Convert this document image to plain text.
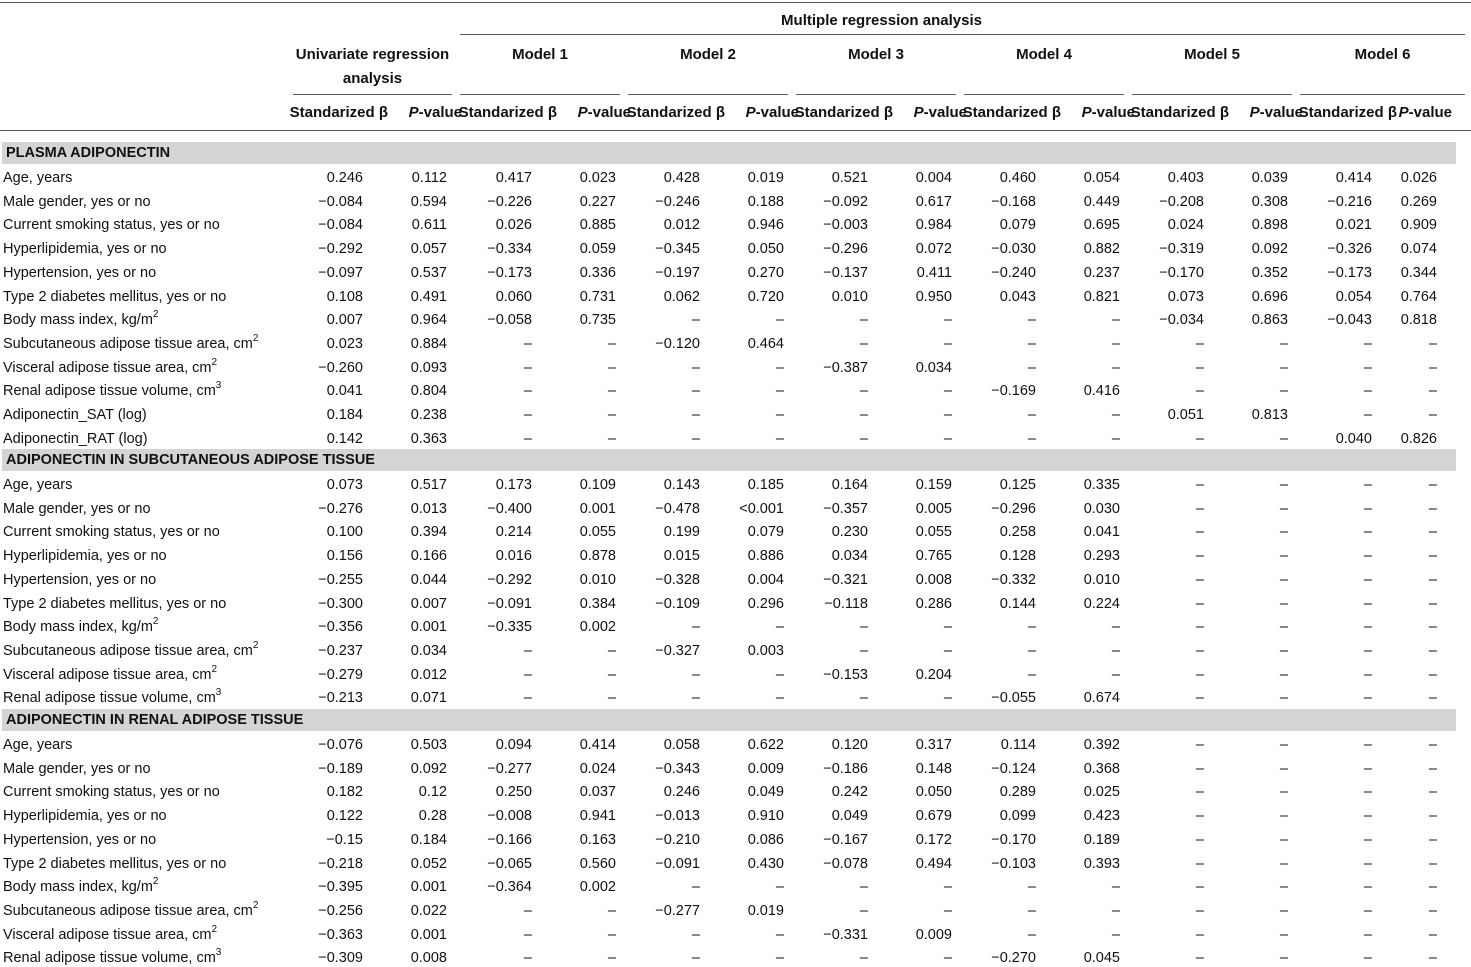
Multiple regression analysis
Univariate regression
analysis
Model 1	Model 2	Model 3	Model 4	Model 5	Model 6
Standarized β P-value
Standarized β P-value
Standarized β P-value
Standarized β P-value
Standarized β P-value
Standarized β P-value
Standarized β P-value
PLASMA ADIPONECTIN
Age, years	0.246	0.112	0.417	0.023	0.428	0.019	0.521	0.004	0.460	0.054	0.403	0.039	0.414 0.026
Male gender, yes or no	−0.084	0.594	−0.226	0.227	−0.246	0.188	−0.092	0.617	−0.168	0.449	−0.208	0.308	−0.216 0.269
Current smoking status, yes or no	−0.084	0.611	0.026	0.885	0.012	0.946	−0.003	0.984	0.079	0.695	0.024	0.898	0.021 0.909
Hyperlipidemia, yes or no	−0.292	0.057	−0.334	0.059	−0.345	0.050	−0.296	0.072	−0.030	0.882	−0.319	0.092	−0.326 0.074
Hypertension, yes or no	−0.097	0.537	−0.173	0.336	−0.197	0.270	−0.137	0.411	−0.240	0.237	−0.170	0.352	−0.173 0.344
Type 2 diabetes mellitus, yes or no	0.108	0.491	0.060	0.731	0.062	0.720	0.010	0.950	0.043	0.821	0.073	0.696	0.054 0.764
Body mass index, $kg/m^2$	0.007	0.964	−0.058	0.735	–	–	–	–	–	–	−0.034	0.863	−0.043 0.818
Subcutaneous adipose tissue area, $cm^2$	0.023	0.884	–	–	−0.120	0.464	–	–	–	–	–	–	–	–
Visceral adipose tissue area, $cm^2$	−0.260	0.093	–	–	–	–	−0.387	0.034	–	–	–	–	–	–
Renal adipose tissue volume, $cm^3$	0.041	0.804	–	–	–	–	–	–	−0.169	0.416	–	–	–	–
Adiponectin_SAT (log)	0.184	0.238	–	–	–	–	–	–	–	–	0.051	0.813	–	–
Adiponectin_RAT (log)	0.142	0.363	–	–	–	–	–	–	–	–	–	–	0.040 0.826
ADIPONECTIN IN SUBCUTANEOUS ADIPOSE TISSUE
Age, years	0.073	0.517	0.173	0.109	0.143	0.185	0.164	0.159	0.125	0.335	–	–	–	–
Male gender, yes or no	−0.276	0.013	−0.400	0.001	−0.478	<0.001	−0.357	0.005	−0.296	0.030	–	–	–	–
Current smoking status, yes or no	0.100	0.394	0.214	0.055	0.199	0.079	0.230	0.055	0.258	0.041	–	–	–	–
Hyperlipidemia, yes or no	0.156	0.166	0.016	0.878	0.015	0.886	0.034	0.765	0.128	0.293	–	–	–	–
Hypertension, yes or no	−0.255	0.044	−0.292	0.010	−0.328	0.004	−0.321	0.008	−0.332	0.010	–	–	–	–
Type 2 diabetes mellitus, yes or no	−0.300	0.007	−0.091	0.384	−0.109	0.296	−0.118	0.286	0.144	0.224	–	–	–	–
Body mass index, $kg/m^2$	−0.356	0.001	−0.335	0.002	–	–	–	–	–	–	–	–	–	–
Subcutaneous adipose tissue area, $cm^2$	−0.237	0.034	–	–	−0.327	0.003	–	–	–	–	–	–	–	–
Visceral adipose tissue area, $cm^2$	−0.279	0.012	–	–	–	–	−0.153	0.204	–	–	–	–	–	–
Renal adipose tissue volume, $cm^3$	−0.213	0.071	–	–	–	–	–	–	−0.055	0.674	–	–	–	–
ADIPONECTIN IN RENAL ADIPOSE TISSUE
Age, years	−0.076	0.503	0.094	0.414	0.058	0.622	0.120	0.317	0.114	0.392	–	–	–	–
Male gender, yes or no	−0.189	0.092	−0.277	0.024	−0.343	0.009	−0.186	0.148	−0.124	0.368	–	–	–	–
Current smoking status, yes or no	0.182	0.12	0.250	0.037	0.246	0.049	0.242	0.050	0.289	0.025	–	–	–	–
Hyperlipidemia, yes or no	0.122	0.28	−0.008	0.941	−0.013	0.910	0.049	0.679	0.099	0.423	–	–	–	–
Hypertension, yes or no	−0.15	0.184	−0.166	0.163	−0.210	0.086	−0.167	0.172	−0.170	0.189	–	–	–	–
Type 2 diabetes mellitus, yes or no	−0.218	0.052	−0.065	0.560	−0.091	0.430	−0.078	0.494	−0.103	0.393	–	–	–	–
Body mass index, $kg/m^2$	−0.395	0.001	−0.364	0.002	–	–	–	–	–	–	–	–	–	–
Subcutaneous adipose tissue area, $cm^2$	−0.256	0.022	–	–	−0.277	0.019	–	–	–	–	–	–	–	–
Visceral adipose tissue area, $cm^2$	−0.363	0.001	–	–	–	–	−0.331	0.009	–	–	–	–	–	–
Renal adipose tissue volume, $cm^3$	−0.309	0.008	–	–	–	–	–	–	−0.270	0.045	–	–	–	–
